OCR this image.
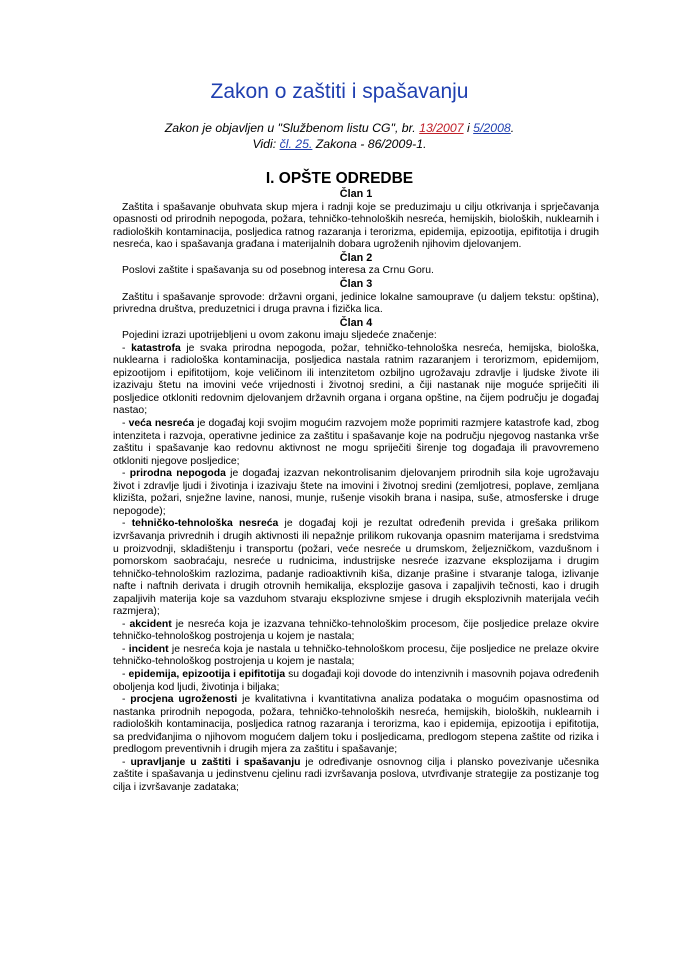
Zakon o zaštiti i spašavanju
Zakon je objavljen u "Službenom listu CG", br. 13/2007 i 5/2008.
Vidi: čl. 25. Zakona - 86/2009-1.
I. OPŠTE ODREDBE
Član 1

Zaštita i spašavanje obuhvata skup mjera i radnji koje se preduzimaju u cilju otkrivanja i sprječavanja opasnosti od prirodnih nepogoda, požara, tehničko-tehnoloških nesreća, hemijskih, bioloških, nuklearnih i radioloških kontaminacija, posljedica ratnog razaranja i terorizma, epidemija, epizootija, epifitotija i drugih nesreća, kao i spašavanja građana i materijalnih dobara ugroženih njihovim djelovanjem.

Član 2

Poslovi zaštite i spašavanja su od posebnog interesa za Crnu Goru.

Član 3

Zaštitu i spašavanje sprovode: državni organi, jedinice lokalne samouprave (u daljem tekstu: opština), privredna društva, preduzetnici i druga pravna i fizička lica.

Član 4

Pojedini izrazi upotrijebljeni u ovom zakonu imaju sljedeće značenje:

- katastrofa je svaka prirodna nepogoda, požar, tehničko-tehnološka nesreća, hemijska, biološka, nuklearna i radiološka kontaminacija, posljedica nastala ratnim razaranjem i terorizmom, epidemijom, epizootijom i epifitotijom, koje veličinom ili intenzitetom ozbiljno ugrožavaju zdravlje i ljudske živote ili izazivaju štetu na imovini veće vrijednosti i životnoj sredini, a čiji nastanak nije moguće spriječiti ili posljedice otkloniti redovnim djelovanjem državnih organa i organa opštine, na čijem području je događaj nastao;

- veća nesreća je događaj koji svojim mogućim razvojem može poprimiti razmjere katastrofe kad, zbog intenziteta i razvoja, operativne jedinice za zaštitu i spašavanje koje na području njegovog nastanka vrše zaštitu i spašavanje kao redovnu aktivnost ne mogu spriječiti širenje tog događaja ili pravovremeno otkloniti njegove posljedice;

- prirodna nepogoda je događaj izazvan nekontrolisanim djelovanjem prirodnih sila koje ugrožavaju život i zdravlje ljudi i životinja i izazivaju štete na imovini i životnoj sredini (zemljotresi, poplave, zemljana klizišta, požari, snježne lavine, nanosi, munje, rušenje visokih brana i nasipa, suše, atmosferske i druge nepogode);

- tehničko-tehnološka nesreća je događaj koji je rezultat određenih previda i grešaka prilikom izvršavanja privrednih i drugih aktivnosti ili nepažnje prilikom rukovanja opasnim materijama i sredstvima u proizvodnji, skladištenju i transportu (požari, veće nesreće u drumskom, željezničkom, vazdušnom i pomorskom saobraćaju, nesreće u rudnicima, industrijske nesreće izazvane eksplozijama i drugim tehničko-tehnološkim razlozima, padanje radioaktivnih kiša, dizanje prašine i stvaranje taloga, izlivanje nafte i naftnih derivata i drugih otrovnih hemikalija, eksplozije gasova i zapaljivih tečnosti, kao i drugih zapaljivih materija koje sa vazduhom stvaraju eksplozivne smjese i drugih eksplozivnih materijala većih razmjera);

- akcident je nesreća koja je izazvana tehničko-tehnološkim procesom, čije posljedice prelaze okvire tehničko-tehnološkog postrojenja u kojem je nastala;

- incident je nesreća koja je nastala u tehničko-tehnološkom procesu, čije posljedice ne prelaze okvire tehničko-tehnološkog postrojenja u kojem je nastala;

- epidemija, epizootija i epifitotija su događaji koji dovode do intenzivnih i masovnih pojava određenih oboljenja kod ljudi, životinja i biljaka;

- procjena ugroženosti je kvalitativna i kvantitativna analiza podataka o mogućim opasnostima od nastanka prirodnih nepogoda, požara, tehničko-tehnoloških nesreća, hemijskih, bioloških, nuklearnih i radioloških kontaminacija, posljedica ratnog razaranja i terorizma, kao i epidemija, epizootija i epifitotija, sa predviđanjima o njihovom mogućem daljem toku i posljedicama, predlogom stepena zaštite od rizika i predlogom preventivnih i drugih mjera za zaštitu i spašavanje;

- upravljanje u zaštiti i spašavanju je određivanje osnovnog cilja i plansko povezivanje učesnika zaštite i spašavanja u jedinstvenu cjelinu radi izvršavanja poslova, utvrđivanje strategije za postizanje tog cilja i izvršavanje zadataka;
